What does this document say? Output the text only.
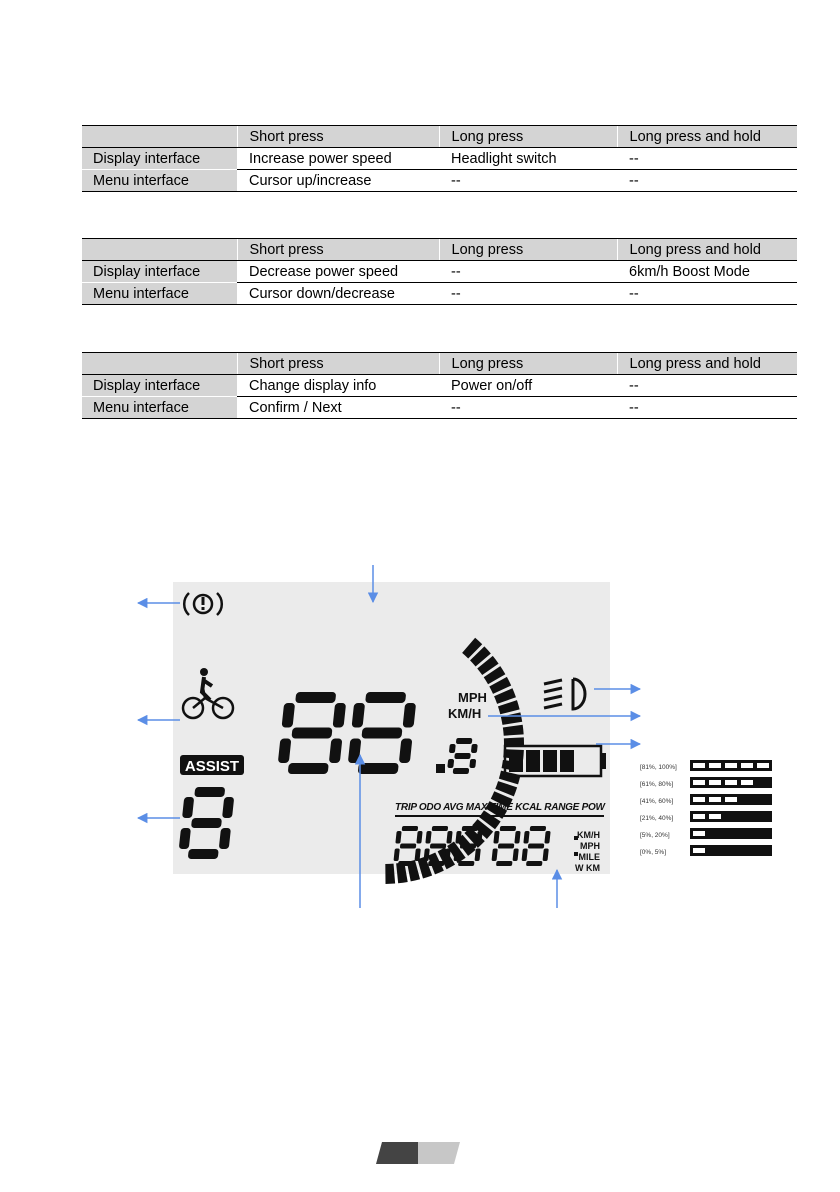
	Short press	Long press	Long press and hold
Display interface	Increase power speed	Headlight switch	--
Menu interface	Cursor up/increase	--	--
	Short press	Long press	Long press and hold
Display interface	Decrease power speed	--	6km/h Boost Mode
Menu interface	Cursor down/decrease	--	--
	Short press	Long press	Long press and hold
Display interface	Change display info	Power on/off	--
Menu interface	Confirm / Next	--	--
ASSIST
MPH
KM/H
TRIP ODO AVG MAX TIME KCAL RANGE POW
KM/H
MPH
MILE
W KM
[81%, 100%]
[61%, 80%]
[41%, 60%]
[21%, 40%]
[5%, 20%]
[0%, 5%]
